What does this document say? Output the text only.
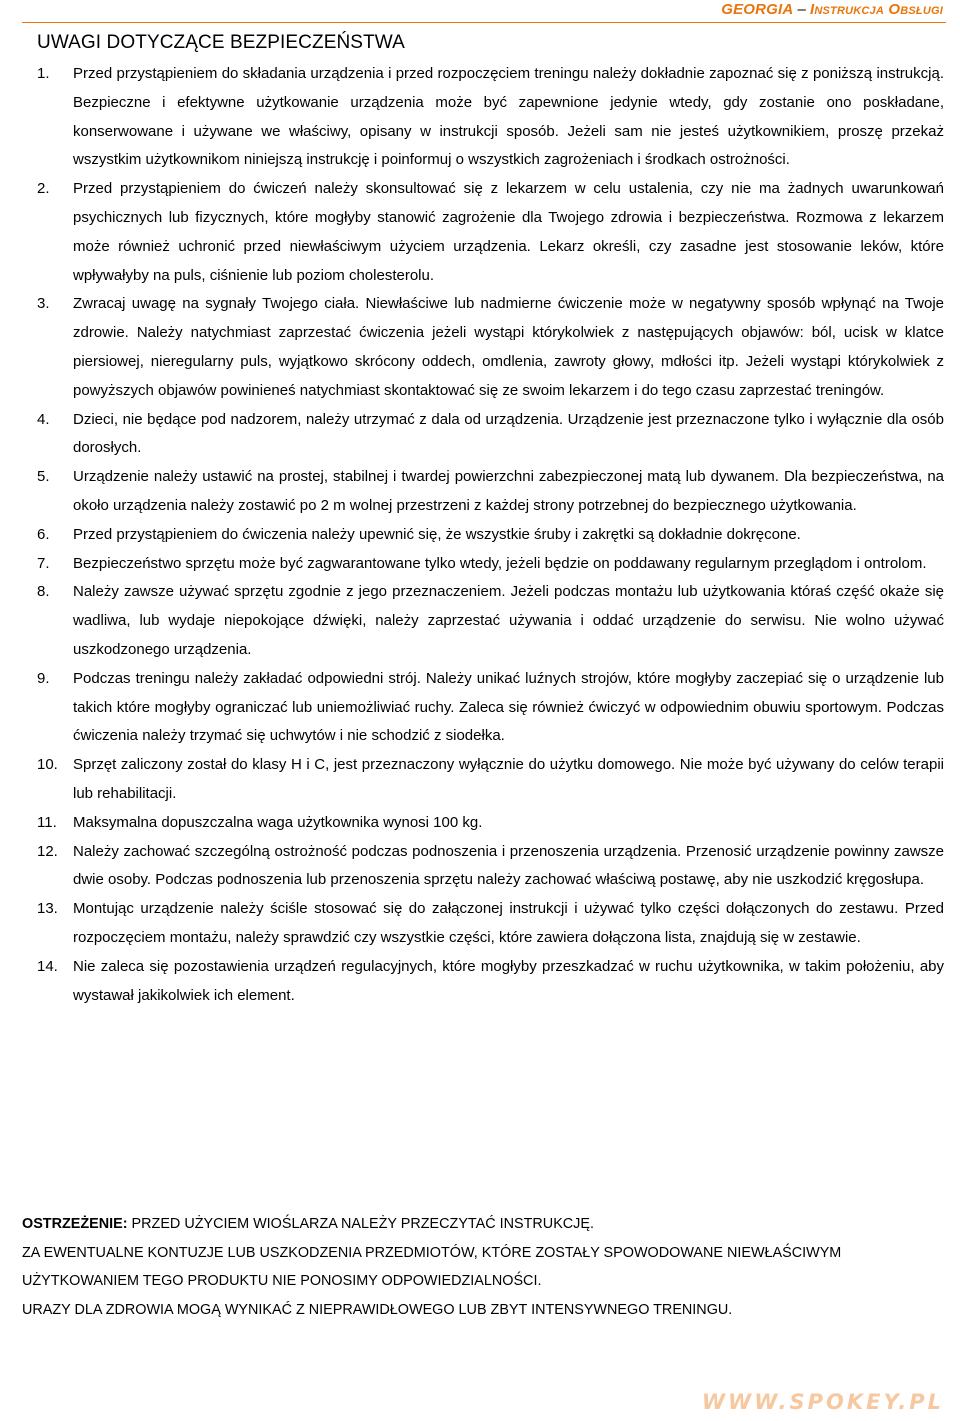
GEORGIA – Instrukcja Obsługi
UWAGI DOTYCZĄCE BEZPIECZEŃSTWA
1. Przed przystąpieniem do składania urządzenia i przed rozpoczęciem treningu należy dokładnie zapoznać się z poniższą instrukcją. Bezpieczne i efektywne użytkowanie urządzenia może być zapewnione jedynie wtedy, gdy zostanie ono poskładane, konserwowane i używane we właściwy, opisany w instrukcji sposób. Jeżeli sam nie jesteś użytkownikiem, proszę przekaż wszystkim użytkownikom niniejszą instrukcję i poinformuj o wszystkich zagrożeniach i środkach ostrożności.
2. Przed przystąpieniem do ćwiczeń należy skonsultować się z lekarzem w celu ustalenia, czy nie ma żadnych uwarunkowań psychicznych lub fizycznych, które mogłyby stanowić zagrożenie dla Twojego zdrowia i bezpieczeństwa. Rozmowa z lekarzem może również uchronić przed niewłaściwym użyciem urządzenia. Lekarz określi, czy zasadne jest stosowanie leków, które wpływałyby na puls, ciśnienie lub poziom cholesterolu.
3. Zwracaj uwagę na sygnały Twojego ciała. Niewłaściwe lub nadmierne ćwiczenie może w negatywny sposób wpłynąć na Twoje zdrowie. Należy natychmiast zaprzestać ćwiczenia jeżeli wystąpi którykolwiek z następujących objawów: ból, ucisk w klatce piersiowej, nieregularny puls, wyjątkowo skrócony oddech, omdlenia, zawroty głowy, mdłości itp. Jeżeli wystąpi którykolwiek z powyższych objawów powinieneś natychmiast skontaktować się ze swoim lekarzem i do tego czasu zaprzestać treningów.
4. Dzieci, nie będące pod nadzorem, należy utrzymać z dala od urządzenia. Urządzenie jest przeznaczone tylko i wyłącznie dla osób dorosłych.
5. Urządzenie należy ustawić na prostej, stabilnej i twardej powierzchni zabezpieczonej matą lub dywanem. Dla bezpieczeństwa, na około urządzenia należy zostawić po 2 m wolnej przestrzeni z każdej strony potrzebnej do bezpiecznego użytkowania.
6. Przed przystąpieniem do ćwiczenia należy upewnić się, że wszystkie śruby i zakrętki są dokładnie dokręcone.
7. Bezpieczeństwo sprzętu może być zagwarantowane tylko wtedy, jeżeli będzie on poddawany regularnym przeglądom i ontrolom.
8. Należy zawsze używać sprzętu zgodnie z jego przeznaczeniem. Jeżeli podczas montażu lub użytkowania któraś część okaże się wadliwa, lub wydaje niepokojące dźwięki, należy zaprzestać używania i oddać urządzenie do serwisu. Nie wolno używać uszkodzonego urządzenia.
9. Podczas treningu należy zakładać odpowiedni strój. Należy unikać luźnych strojów, które mogłyby zaczepiać się o urządzenie lub takich które mogłyby ograniczać lub uniemożliwiać ruchy. Zaleca się również ćwiczyć w odpowiednim obuwiu sportowym. Podczas ćwiczenia należy trzymać się uchwytów i nie schodzić z siodełka.
10. Sprzęt zaliczony został do klasy H i C, jest przeznaczony wyłącznie do użytku domowego. Nie może być używany do celów terapii lub rehabilitacji.
11. Maksymalna dopuszczalna waga użytkownika wynosi 100 kg.
12. Należy zachować szczególną ostrożność podczas podnoszenia i przenoszenia urządzenia. Przenosić urządzenie powinny zawsze dwie osoby. Podczas podnoszenia lub przenoszenia sprzętu należy zachować właściwą postawę, aby nie uszkodzić kręgosłupa.
13. Montując urządzenie należy ściśle stosować się do załączonej instrukcji i używać tylko części dołączonych do zestawu. Przed rozpoczęciem montażu, należy sprawdzić czy wszystkie części, które zawiera dołączona lista, znajdują się w zestawie.
14. Nie zaleca się pozostawienia urządzeń regulacyjnych, które mogłyby przeszkadzać w ruchu użytkownika, w takim położeniu, aby wystawał jakikolwiek ich element.

OSTRZEŻENIE: PRZED UŻYCIEM WIOŚLARZA NALEŻY PRZECZYTAĆ INSTRUKCJĘ.

ZA EWENTUALNE KONTUZJE LUB USZKODZENIA PRZEDMIOTÓW, KTÓRE ZOSTAŁY SPOWODOWANE NIEWŁAŚCIWYM UŻYTKOWANIEM TEGO PRODUKTU NIE PONOSIMY ODPOWIEDZIALNOŚCI.

URAZY DLA ZDROWIA MOGĄ WYNIKAĆ Z NIEPRAWIDŁOWEGO LUB ZBYT INTENSYWNEGO TRENINGU.

WWW.SPOKEY.PL
